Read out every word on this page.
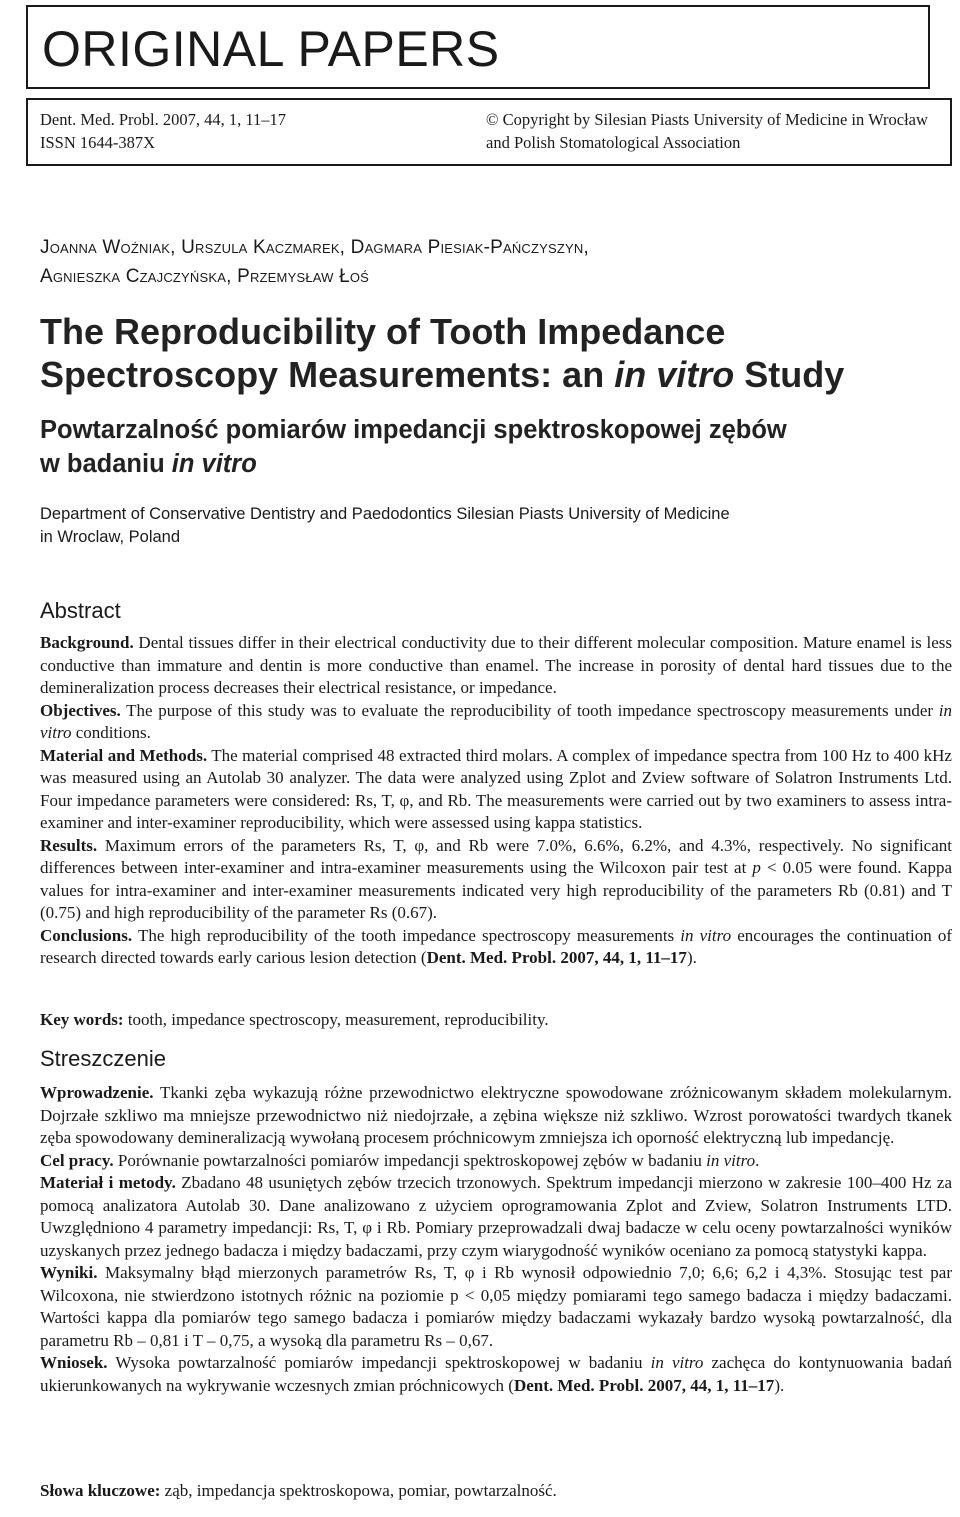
ORIGINAL PAPERS
Dent. Med. Probl. 2007, 44, 1, 11–17
ISSN 1644-387X
© Copyright by Silesian Piasts University of Medicine in Wrocław
and Polish Stomatological Association
Joanna Woźniak, Urszula Kaczmarek, Dagmara Piesiak-Pańczyszyn,
Agnieszka Czajczyńska, Przemysław Łoś
The Reproducibility of Tooth Impedance
Spectroscopy Measurements: an in vitro Study
Powtarzalność pomiarów impedancji spektroskopowej zębów
w badaniu in vitro
Department of Conservative Dentistry and Paedodontics Silesian Piasts University of Medicine
in Wroclaw, Poland
Abstract

Background. Dental tissues differ in their electrical conductivity due to their different molecular composition. Mature enamel is less conductive than immature and dentin is more conductive than enamel. The increase in porosity of dental hard tissues due to the demineralization process decreases their electrical resistance, or impedance.

Objectives. The purpose of this study was to evaluate the reproducibility of tooth impedance spectroscopy measurements under in vitro conditions.

Material and Methods. The material comprised 48 extracted third molars. A complex of impedance spectra from 100 Hz to 400 kHz was measured using an Autolab 30 analyzer. The data were analyzed using Zplot and Zview software of Solatron Instruments Ltd. Four impedance parameters were considered: Rs, T, φ, and Rb. The measurements were carried out by two examiners to assess intra-examiner and inter-examiner reproducibility, which were assessed using kappa statistics.

Results. Maximum errors of the parameters Rs, T, φ, and Rb were 7.0%, 6.6%, 6.2%, and 4.3%, respectively. No significant differences between inter-examiner and intra-examiner measurements using the Wilcoxon pair test at p < 0.05 were found. Kappa values for intra-examiner and inter-examiner measurements indicated very high reproducibility of the parameters Rb (0.81) and T (0.75) and high reproducibility of the parameter Rs (0.67).

Conclusions. The high reproducibility of the tooth impedance spectroscopy measurements in vitro encourages the continuation of research directed towards early carious lesion detection (Dent. Med. Probl. 2007, 44, 1, 11–17).

Key words: tooth, impedance spectroscopy, measurement, reproducibility.

Streszczenie

Wprowadzenie. Tkanki zęba wykazują różne przewodnictwo elektryczne spowodowane zróżnicowanym składem molekularnym. Dojrzałe szkliwo ma mniejsze przewodnictwo niż niedojrzałe, a zębina większe niż szkliwo. Wzrost porowatości twardych tkanek zęba spowodowany demineralizacją wywołaną procesem próchnicowym zmniejsza ich oporność elektryczną lub impedancję.

Cel pracy. Porównanie powtarzalności pomiarów impedancji spektroskopowej zębów w badaniu in vitro.

Materiał i metody. Zbadano 48 usuniętych zębów trzecich trzonowych. Spektrum impedancji mierzono w zakresie 100–400 Hz za pomocą analizatora Autolab 30. Dane analizowano z użyciem oprogramowania Zplot and Zview, Solatron Instruments LTD. Uwzględniono 4 parametry impedancji: Rs, T, φ i Rb. Pomiary przeprowadzali dwaj badacze w celu oceny powtarzalności wyników uzyskanych przez jednego badacza i między badaczami, przy czym wiarygodność wyników oceniano za pomocą statystyki kappa.

Wyniki. Maksymalny błąd mierzonych parametrów Rs, T, φ i Rb wynosił odpowiednio 7,0; 6,6; 6,2 i 4,3%. Stosując test par Wilcoxona, nie stwierdzono istotnych różnic na poziomie p < 0,05 między pomiarami tego samego badacza i między badaczami. Wartości kappa dla pomiarów tego samego badacza i pomiarów między badaczami wykazały bardzo wysoką powtarzalność, dla parametru Rb – 0,81 i T – 0,75, a wysoką dla parametru Rs – 0,67.

Wniosek. Wysoka powtarzalność pomiarów impedancji spektroskopowej w badaniu in vitro zachęca do kontynuowania badań ukierunkowanych na wykrywanie wczesnych zmian próchnicowych (Dent. Med. Probl. 2007, 44, 1, 11–17).

Słowa kluczowe: ząb, impedancja spektroskopowa, pomiar, powtarzalność.
